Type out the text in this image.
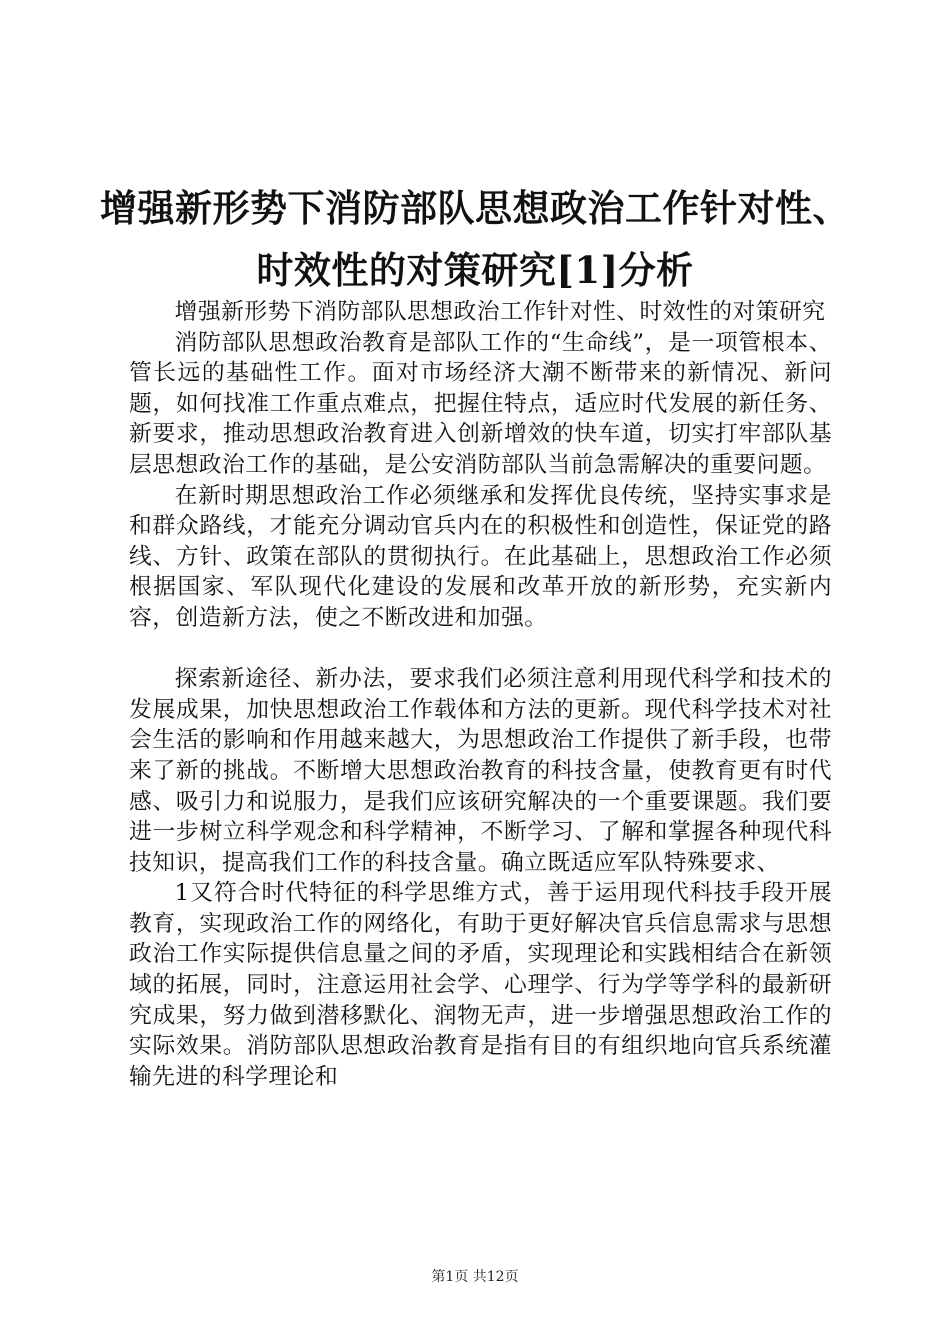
增强新形势下消防部队思想政治工作针对性、
时效性的对策研究[1]分析

增强新形势下消防部队思想政治工作针对性、时效性的对策研究

消防部队思想政治教育是部队工作的“生命线”，是一项管根本、管长远的基础性工作。面对市场经济大潮不断带来的新情况、新问题，如何找准工作重点难点，把握住特点，适应时代发展的新任务、新要求，推动思想政治教育进入创新增效的快车道，切实打牢部队基层思想政治工作的基础，是公安消防部队当前急需解决的重要问题。

在新时期思想政治工作必须继承和发挥优良传统，坚持实事求是和群众路线，才能充分调动官兵内在的积极性和创造性，保证党的路线、方针、政策在部队的贯彻执行。在此基础上，思想政治工作必须根据国家、军队现代化建设的发展和改革开放的新形势，充实新内容，创造新方法，使之不断改进和加强。

探索新途径、新办法，要求我们必须注意利用现代科学和技术的发展成果，加快思想政治工作载体和方法的更新。现代科学技术对社会生活的影响和作用越来越大，为思想政治工作提供了新手段，也带来了新的挑战。不断增大思想政治教育的科技含量，使教育更有时代感、吸引力和说服力，是我们应该研究解决的一个重要课题。我们要进一步树立科学观念和科学精神，不断学习、了解和掌握各种现代科技知识，提高我们工作的科技含量。确立既适应军队特殊要求、

1又符合时代特征的科学思维方式，善于运用现代科技手段开展教育，实现政治工作的网络化，有助于更好解决官兵信息需求与思想政治工作实际提供信息量之间的矛盾，实现理论和实践相结合在新领域的拓展，同时，注意运用社会学、心理学、行为学等学科的最新研究成果，努力做到潜移默化、润物无声，进一步增强思想政治工作的实际效果。消防部队思想政治教育是指有目的有组织地向官兵系统灌输先进的科学理论和

第1页 共12页
